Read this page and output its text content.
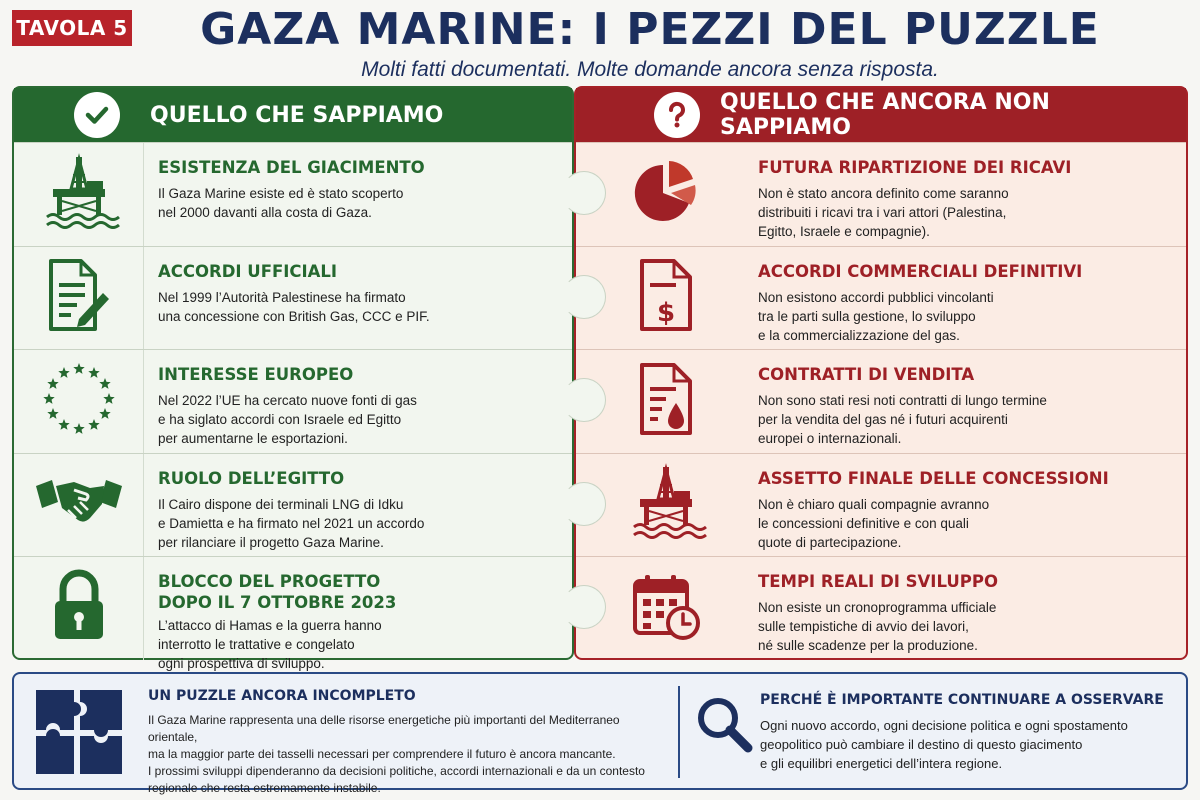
TAVOLA 5	GAZA MARINE: I PEZZI DEL PUZZLE
Molti fatti documentati. Molte domande ancora senza risposta.
QUELLO CHE SAPPIAMO
ESISTENZA DEL GIACIMENTO
Il Gaza Marine esiste ed è stato scoperto
nel 2000 davanti alla costa di Gaza.
ACCORDI UFFICIALI
Nel 1999 l’Autorità Palestinese ha firmato
una concessione con British Gas, CCC e PIF.
INTERESSE EUROPEO
Nel 2022 l’UE ha cercato nuove fonti di gas
e ha siglato accordi con Israele ed Egitto
per aumentarne le esportazioni.
RUOLO DELL’EGITTO
Il Cairo dispone dei terminali LNG di Idku
e Damietta e ha firmato nel 2021 un accordo
per rilanciare il progetto Gaza Marine.
BLOCCO DEL PROGETTO
DOPO IL 7 OTTOBRE 2023
L’attacco di Hamas e la guerra hanno
interrotto le trattative e congelato
ogni prospettiva di sviluppo.
QUELLO CHE ANCORA NON SAPPIAMO
FUTURA RIPARTIZIONE DEI RICAVI
Non è stato ancora definito come saranno
distribuiti i ricavi tra i vari attori (Palestina,
Egitto, Israele e compagnie).
$
ACCORDI COMMERCIALI DEFINITIVI
Non esistono accordi pubblici vincolanti
tra le parti sulla gestione, lo sviluppo
e la commercializzazione del gas.
CONTRATTI DI VENDITA
Non sono stati resi noti contratti di lungo termine
per la vendita del gas né i futuri acquirenti
europei o internazionali.
ASSETTO FINALE DELLE CONCESSIONI
Non è chiaro quali compagnie avranno
le concessioni definitive e con quali
quote di partecipazione.
TEMPI REALI DI SVILUPPO
Non esiste un cronoprogramma ufficiale
sulle tempistiche di avvio dei lavori,
né sulle scadenze per la produzione.
UN PUZZLE ANCORA INCOMPLETO
Il Gaza Marine rappresenta una delle risorse energetiche più importanti del Mediterraneo orientale,
ma la maggior parte dei tasselli necessari per comprendere il futuro è ancora mancante.
I prossimi sviluppi dipenderanno da decisioni politiche, accordi internazionali e da un contesto
regionale che resta estremamente instabile.
PERCHÉ È IMPORTANTE CONTINUARE A OSSERVARE
Ogni nuovo accordo, ogni decisione politica e ogni spostamento
geopolitico può cambiare il destino di questo giacimento
e gli equilibri energetici dell’intera regione.
